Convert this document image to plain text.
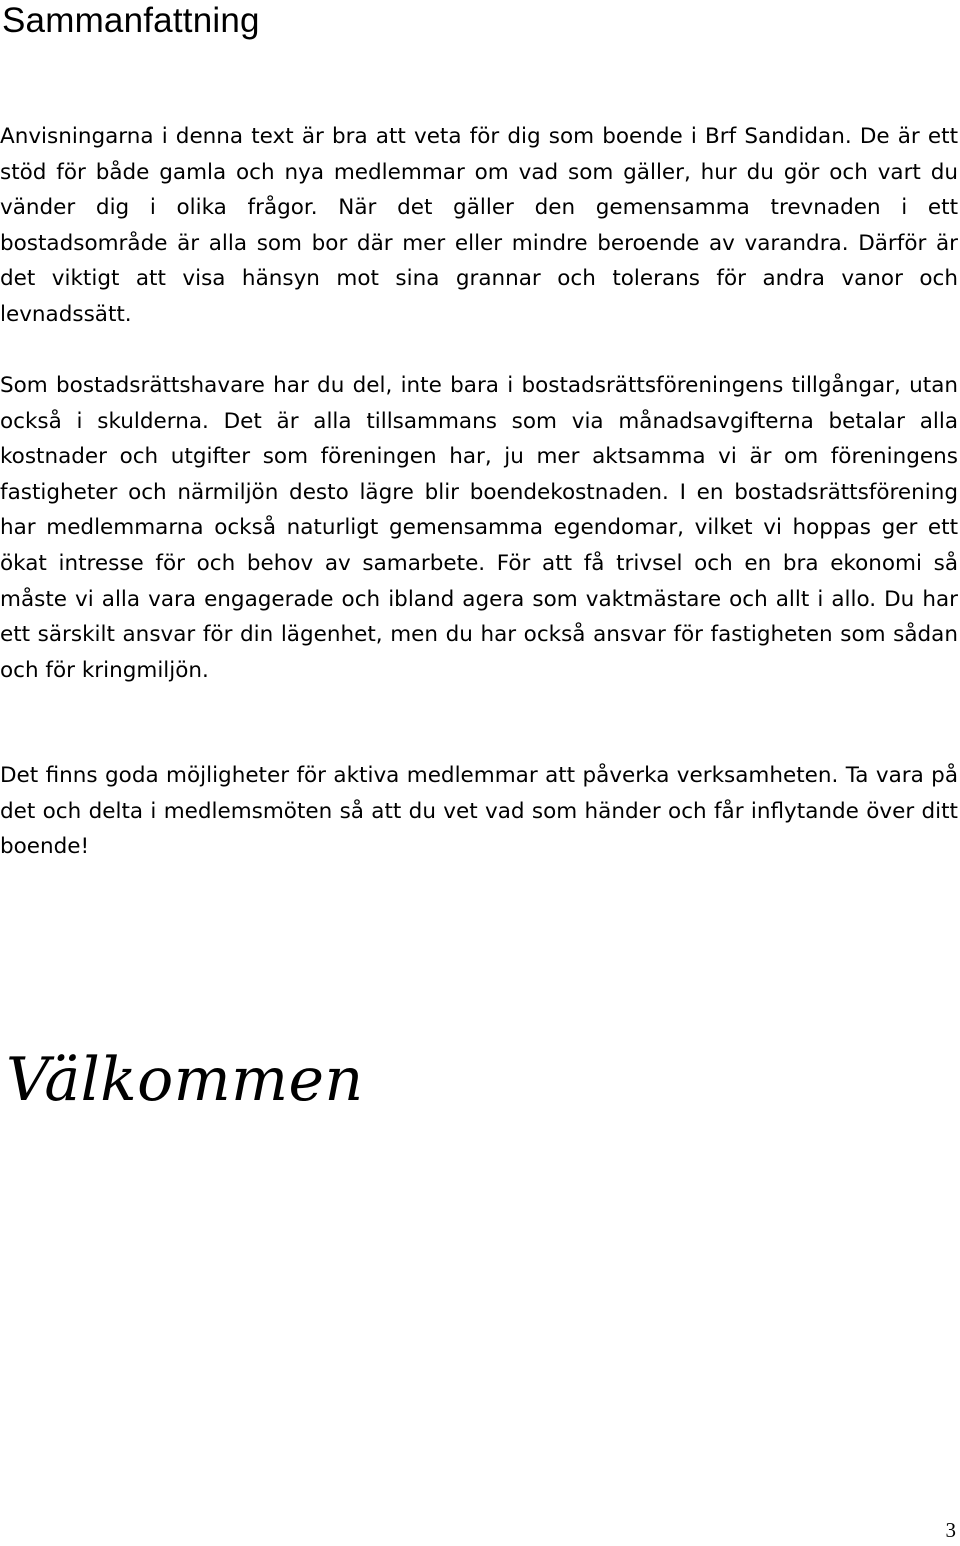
Sammanfattning

Anvisningarna i denna text är bra att veta för dig som boende i Brf Sandidan. De är ett stöd för både gamla och nya medlemmar om vad som gäller, hur du gör och vart du vänder dig i olika frågor. När det gäller den gemensamma trevnaden i ett bostadsområde är alla som bor där mer eller mindre beroende av varandra. Därför är det viktigt att visa hänsyn mot sina grannar och tolerans för andra vanor och levnadssätt.

Som bostadsrättshavare har du del, inte bara i bostadsrättsföreningens tillgångar, utan också i skulderna. Det är alla tillsammans som via månadsavgifterna betalar alla kostnader och utgifter som föreningen har, ju mer aktsamma vi är om föreningens fastigheter och närmiljön desto lägre blir boendekostnaden. I en bostadsrättsförening har medlemmarna också naturligt gemensamma egendomar, vilket vi hoppas ger ett ökat intresse för och behov av samarbete. För att få trivsel och en bra ekonomi så måste vi alla vara engagerade och ibland agera som vaktmästare och allt i allo. Du har ett särskilt ansvar för din lägenhet, men du har också ansvar för fastigheten som sådan och för kringmiljön.

Det finns goda möjligheter för aktiva medlemmar att påverka verksamheten. Ta vara på det och delta i medlemsmöten så att du vet vad som händer och får inflytande över ditt boende!

Välkommen
3
